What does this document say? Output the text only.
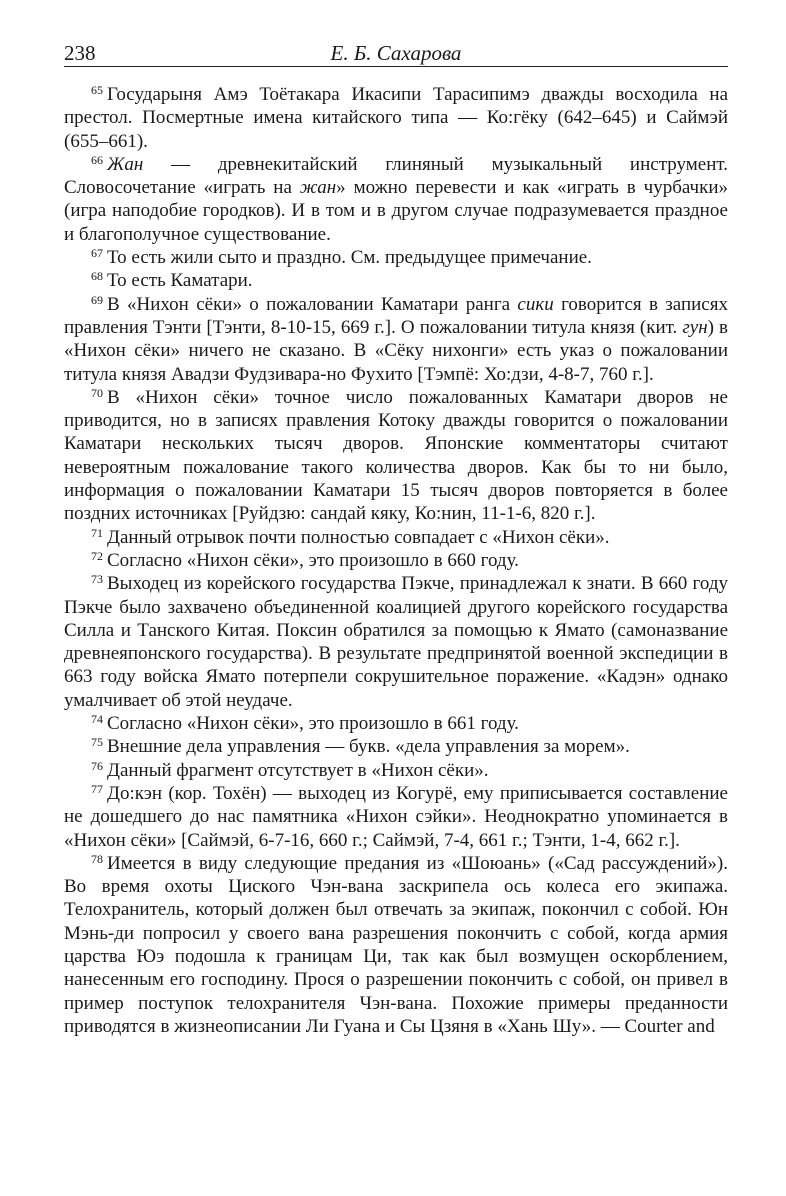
238	Е. Б. Сахарова

$^{65}$ Государыня Амэ Тоётакара Икасипи Тарасипимэ дважды восходила на престол. Посмертные имена китайского типа — Ко:гёку (642–645) и Саймэй (655–661).

$^{66}$ Жан — древнекитайский глиняный музыкальный инструмент. Словосочетание «играть на жан» можно перевести и как «играть в чурбачки» (игра наподобие городков). И в том и в другом случае подразумевается праздное и благополучное существование.

$^{67}$ То есть жили сыто и праздно. См. предыдущее примечание.

$^{68}$ То есть Каматари.

$^{69}$ В «Нихон сёки» о пожаловании Каматари ранга сики говорится в записях правления Тэнти [Тэнти, 8-10-15, 669 г.]. О пожаловании титула князя (кит. гун) в «Нихон сёки» ничего не сказано. В «Сёку нихонги» есть указ о пожаловании титула князя Авадзи Фудзивара-но Фухито [Тэмпё: Хо:дзи, 4-8-7, 760 г.].

$^{70}$ В «Нихон сёки» точное число пожалованных Каматари дворов не приводится, но в записях правления Котоку дважды говорится о пожаловании Каматари нескольких тысяч дворов. Японские комментаторы считают невероятным пожалование такого количества дворов. Как бы то ни было, информация о пожаловании Каматари 15 тысяч дворов повторяется в более поздних источниках [Руйдзю: сандай кяку, Ко:нин, 11-1-6, 820 г.].

$^{71}$ Данный отрывок почти полностью совпадает с «Нихон сёки».

$^{72}$ Согласно «Нихон сёки», это произошло в 660 году.

$^{73}$ Выходец из корейского государства Пэкче, принадлежал к знати. В 660 году Пэкче было захвачено объединенной коалицией другого корейского государства Силла и Танского Китая. Поксин обратился за помощью к Ямато (самоназвание древнеяпонского государства). В результате предпринятой военной экспедиции в 663 году войска Ямато потерпели сокрушительное поражение. «Кадэн» однако умалчивает об этой неудаче.

$^{74}$ Согласно «Нихон сёки», это произошло в 661 году.

$^{75}$ Внешние дела управления — букв. «дела управления за морем».

$^{76}$ Данный фрагмент отсутствует в «Нихон сёки».

$^{77}$ До:кэн (кор. Тохён) — выходец из Когурё, ему приписывается составление не дошедшего до нас памятника «Нихон сэйки». Неоднократно упоминается в «Нихон сёки» [Саймэй, 6-7-16, 660 г.; Саймэй, 7-4, 661 г.; Тэнти, 1-4, 662 г.].

$^{78}$ Имеется в виду следующие предания из «Шоюань» («Сад рассуждений»). Во время охоты Циского Чэн-вана заскрипела ось колеса его экипажа. Телохранитель, который должен был отвечать за экипаж, покончил с собой. Юн Мэнь-ди попросил у своего вана разрешения покончить с собой, когда армия царства Юэ подошла к границам Ци, так как был возмущен оскорблением, нанесенным его господину. Прося о разрешении покончить с собой, он привел в пример поступок телохранителя Чэн-вана. Похожие примеры преданности приводятся в жизнеописании Ли Гуана и Сы Цзяня в «Хань Шу». — Courter and
